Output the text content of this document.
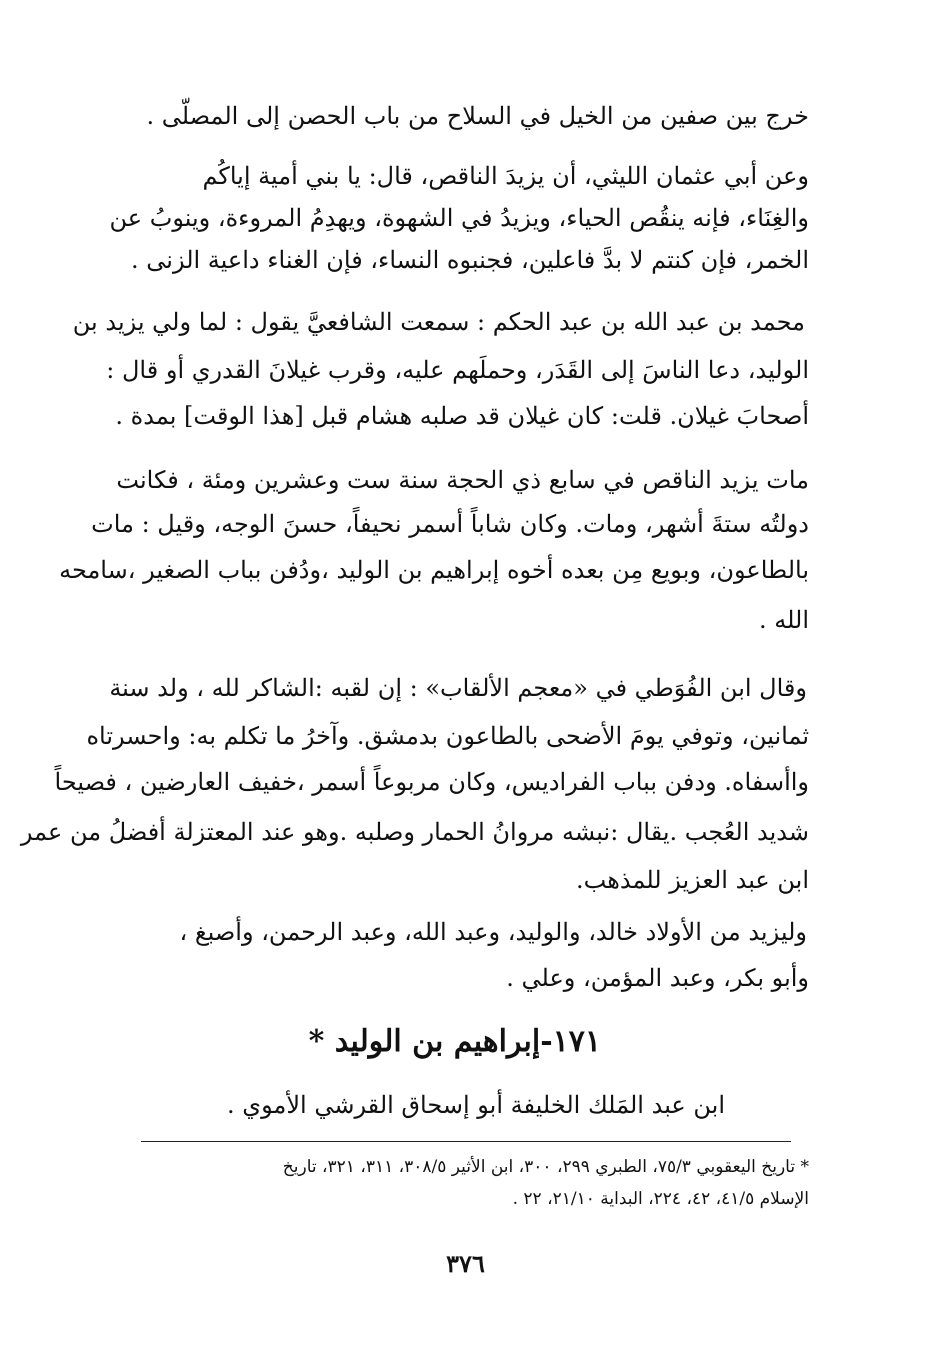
خرج بين صفين من الخيل في السلاح من باب الحصن إلى المصلّى .
وعن أبي عثمان الليثي، أن يزيدَ الناقص، قال: يا بني أمية إياكُم
والغِنَاء، فإنه ينقُص الحياء، ويزيدُ في الشهوة، ويهدِمُ المروءة، وينوبُ عن
الخمر، فإن كنتم لا بدَّ فاعلين، فجنبوه النساء، فإن الغناء داعية الزنى .
محمد بن عبد الله بن عبد الحكم : سمعت الشافعيَّ يقول : لما ولي يزيد بن
الوليد، دعا الناسَ إلى القَدَر، وحملَهم عليه، وقرب غيلانَ القدري أو قال :
أصحابَ غيلان. قلت: كان غيلان قد صلبه هشام قبل [هذا الوقت] بمدة .
مات يزيد الناقص في سابع ذي الحجة سنة ست وعشرين ومئة ، فكانت
دولتُه ستةَ أشهر، ومات. وكان شاباً أسمر نحيفاً، حسنَ الوجه، وقيل : مات
بالطاعون، وبويع مِن بعده أخوه إبراهيم بن الوليد ،ودُفن بباب الصغير ،سامحه
الله .
وقال ابن الفُوَطي في «معجم الألقاب» : إن لقبه :الشاكر لله ، ولد سنة
ثمانين، وتوفي يومَ الأضحى بالطاعون بدمشق. وآخرُ ما تكلم به: واحسرتاه
واأسفاه. ودفن بباب الفراديس، وكان مربوعاً أسمر ،خفيف العارضين ، فصيحاً
شديد العُجب .يقال :نبشه مروانُ الحمار وصلبه .وهو عند المعتزلة أفضلُ من عمر
ابن عبد العزيز للمذهب.
وليزيد من الأولاد خالد، والوليد، وعبد الله، وعبد الرحمن، وأصبغ ،
وأبو بكر، وعبد المؤمن، وعلي .
١٧١-إبراهيم بن الوليد *
ابن عبد المَلك الخليفة أبو إسحاق القرشي الأموي .
* تاريخ اليعقوبي ٧٥/٣، الطبري ٢٩٩، ٣٠٠، ابن الأثير ٣٠٨/٥، ٣١١، ٣٢١، تاريخ
الإسلام ٤١/٥، ٤٢، ٢٢٤، البداية ٢١/١٠، ٢٢ .
٣٧٦
